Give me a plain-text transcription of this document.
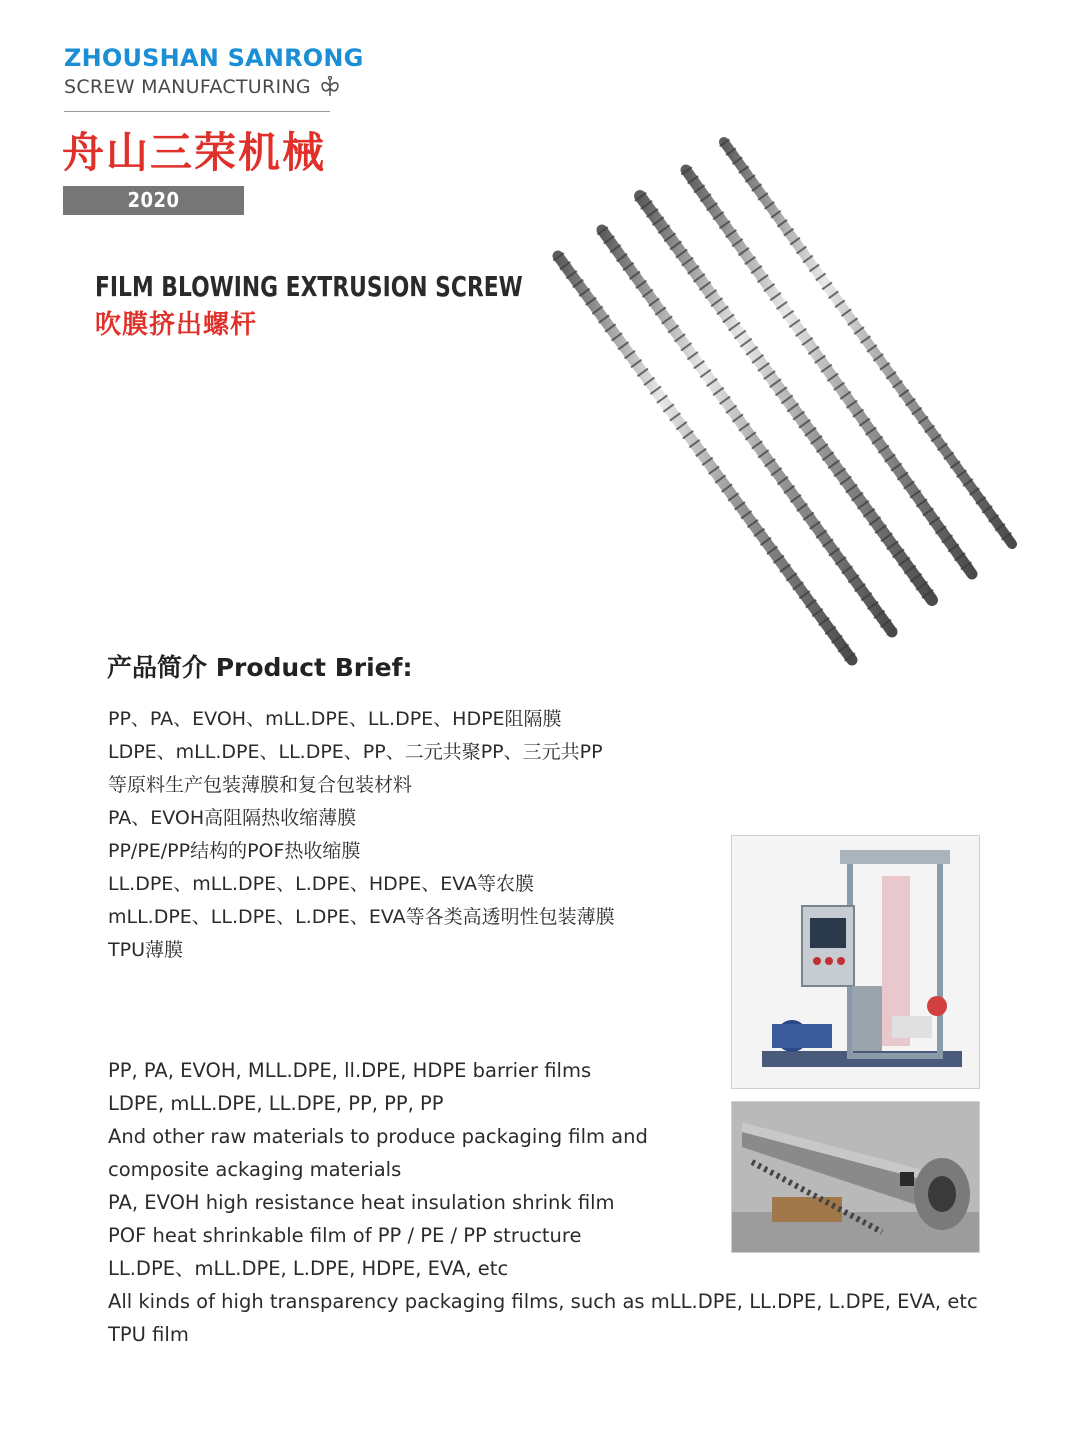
ZHOUSHAN SANRONG
SCREW MANUFACTURING
舟山三荣机械
2020 CATALOGUE
FILM BLOWING EXTRUSION SCREW
吹膜挤出螺杆
产品简介 Product Brief:
PP、PA、EVOH、mLL.DPE、LL.DPE、HDPE阻隔膜
LDPE、mLL.DPE、LL.DPE、PP、二元共聚PP、三元共PP
等原料生产包装薄膜和复合包装材料
PA、EVOH高阻隔热收缩薄膜
PP/PE/PP结构的POF热收缩膜
LL.DPE、mLL.DPE、L.DPE、HDPE、EVA等农膜
mLL.DPE、LL.DPE、L.DPE、EVA等各类高透明性包装薄膜
TPU薄膜
PP, PA, EVOH, MLL.DPE, ll.DPE, HDPE barrier films
LDPE, mLL.DPE, LL.DPE, PP, PP, PP
And other raw materials to produce packaging film and
composite ackaging materials
PA, EVOH high resistance heat insulation shrink film
POF heat shrinkable film of PP / PE / PP structure
LL.DPE、mLL.DPE, L.DPE, HDPE, EVA, etc
All kinds of high transparency packaging films, such as mLL.DPE, LL.DPE, L.DPE, EVA, etc
TPU film
